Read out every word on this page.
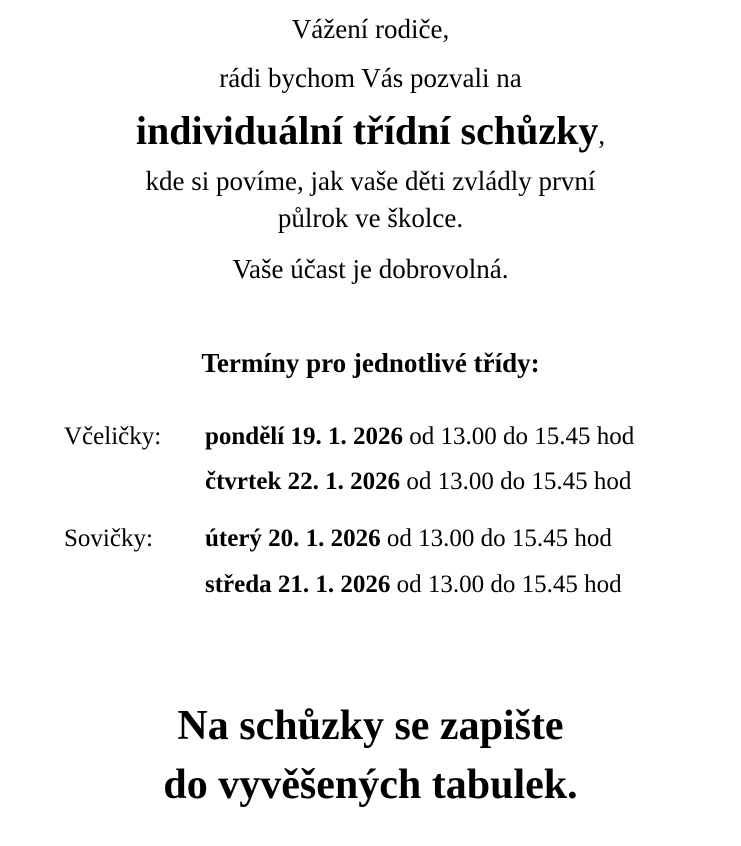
Vážení rodiče,
rádi bychom Vás pozvali na
individuální třídní schůzky,
kde si povíme, jak vaše děti zvládly první
půlrok ve školce.
Vaše účast je dobrovolná.
Termíny pro jednotlivé třídy:
Včeličky: pondělí 19. 1. 2026 od 13.00 do 15.45 hod
čtvrtek 22. 1. 2026 od 13.00 do 15.45 hod
Sovičky: úterý 20. 1. 2026 od 13.00 do 15.45 hod
středa 21. 1. 2026 od 13.00 do 15.45 hod
Na schůzky se zapište
do vyvěšených tabulek.
